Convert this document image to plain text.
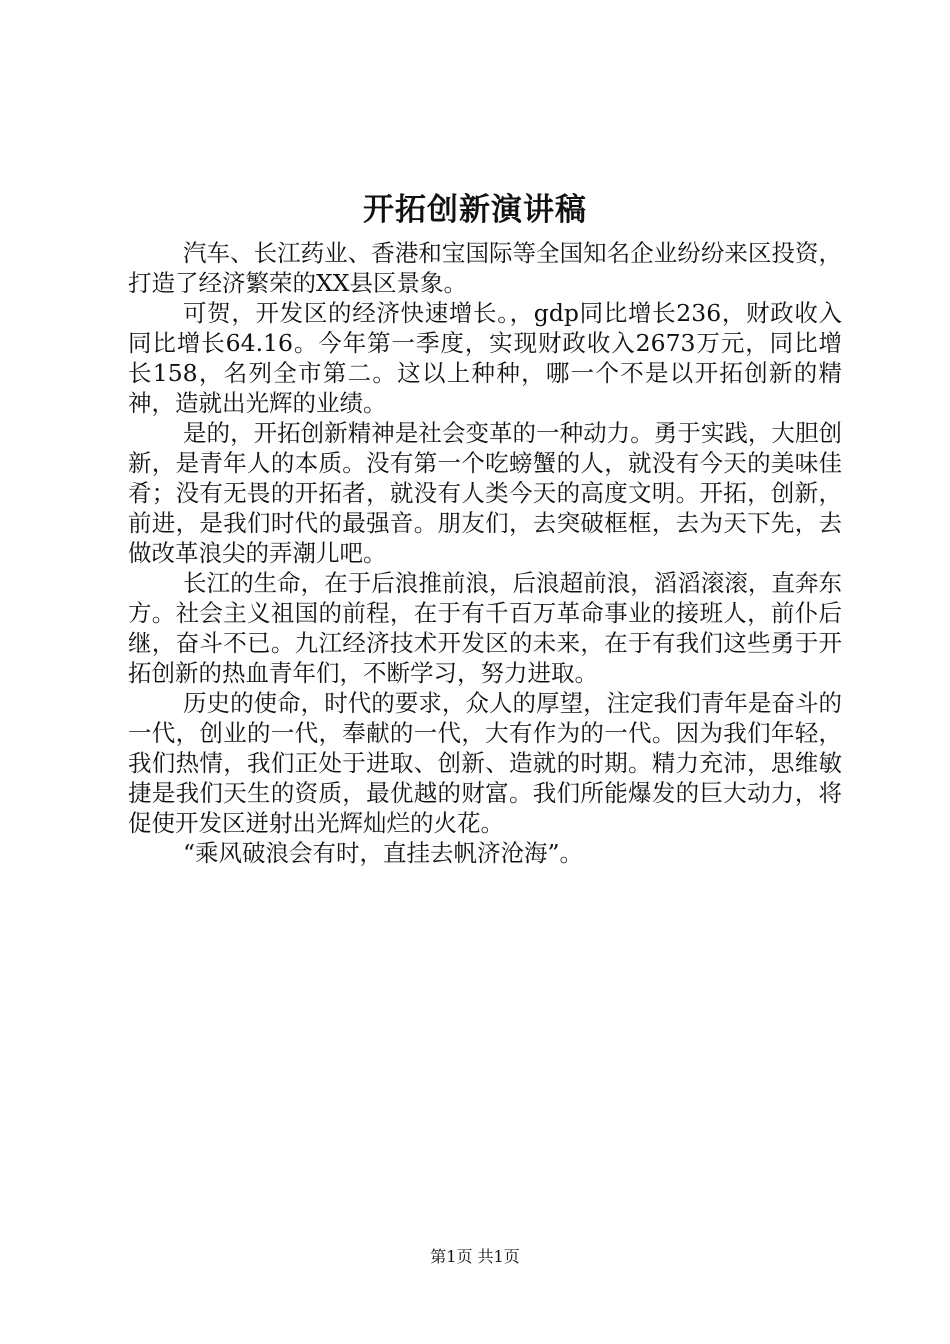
开拓创新演讲稿

汽车、长江药业、香港和宝国际等全国知名企业纷纷来区投资，打造了经济繁荣的XX县区景象。

可贺，开发区的经济快速增长。，gdp同比增长236，财政收入同比增长64.16。今年第一季度，实现财政收入2673万元，同比增长158，名列全市第二。这以上种种，哪一个不是以开拓创新的精神，造就出光辉的业绩。

是的，开拓创新精神是社会变革的一种动力。勇于实践，大胆创新，是青年人的本质。没有第一个吃螃蟹的人，就没有今天的美味佳肴；没有无畏的开拓者，就没有人类今天的高度文明。开拓，创新，前进，是我们时代的最强音。朋友们，去突破框框，去为天下先，去做改革浪尖的弄潮儿吧。

长江的生命，在于后浪推前浪，后浪超前浪，滔滔滚滚，直奔东方。社会主义祖国的前程，在于有千百万革命事业的接班人，前仆后继，奋斗不已。九江经济技术开发区的未来，在于有我们这些勇于开拓创新的热血青年们，不断学习，努力进取。

历史的使命，时代的要求，众人的厚望，注定我们青年是奋斗的一代，创业的一代，奉献的一代，大有作为的一代。因为我们年轻，我们热情，我们正处于进取、创新、造就的时期。精力充沛，思维敏捷是我们天生的资质，最优越的财富。我们所能爆发的巨大动力，将促使开发区迸射出光辉灿烂的火花。

“乘风破浪会有时，直挂去帆济沧海”。

第1页 共1页
